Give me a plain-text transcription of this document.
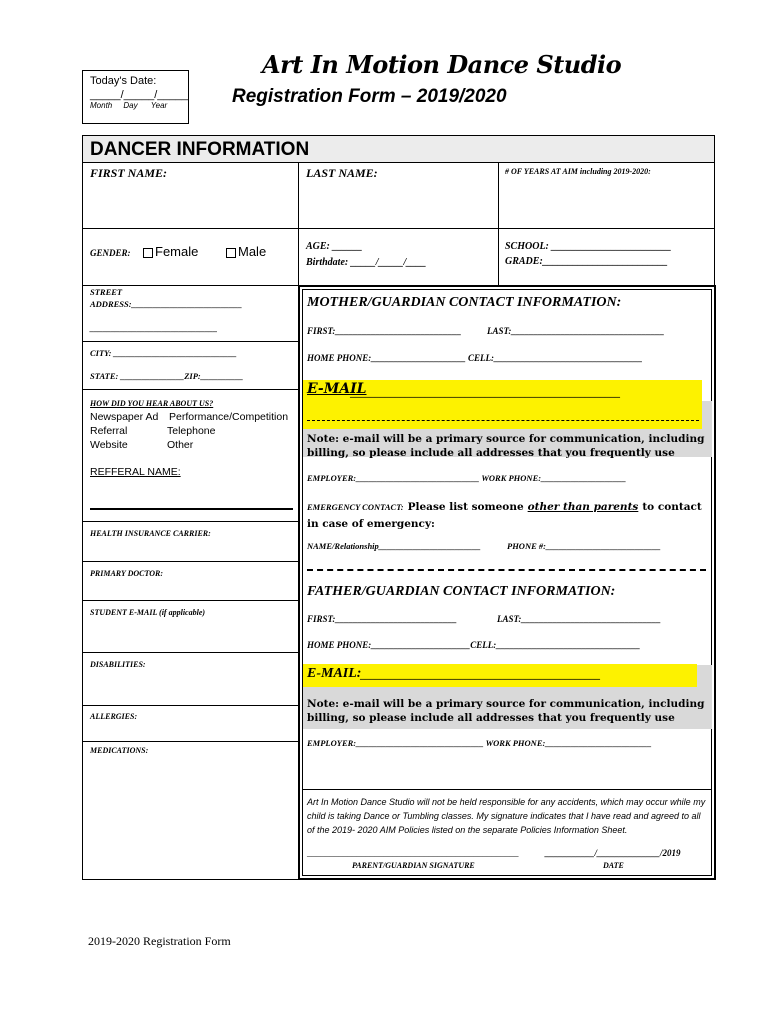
Today's Date:
_____/_____/_____
Month     Day      Year
Art In Motion Dance Studio
Registration Form – 2019/2020
DANCER INFORMATION
FIRST NAME:	LAST NAME:	# OF YEARS AT AIM including 2019-2020:
GENDER:	Female	Male	AGE: ______
Birthdate: _____/_____/____
SCHOOL: ________________________
GRADE:_________________________
STREET
ADDRESS:__________________________
______________________________
CITY: _____________________________
STATE: _______________ZIP:__________
HOW DID YOU HEAR ABOUT US?
Newspaper Ad Performance/Competition
Referral	Telephone
Website	Other
REFFERAL NAME:
HEALTH INSURANCE CARRIER:
PRIMARY DOCTOR:
STUDENT E-MAIL (if applicable)
DISABILITIES:
ALLERGIES:
MEDICATIONS:
MOTHER/GUARDIAN CONTACT INFORMATION:
FIRST:____________________________	LAST:__________________________________
HOME PHONE:_____________________ CELL:_________________________________
E-MAIL
______________________________________________________
Note: e-mail will be a primary source for communication, including billing, so please include all addresses that you frequently use
EMPLOYER:_____________________________ WORK PHONE:____________________
EMERGENCY CONTACT: Please list someone other than parents to contact in case of emergency:
NAME/Relationship________________________	PHONE #:___________________________
FATHER/GUARDIAN CONTACT INFORMATION:
FIRST:___________________________	LAST:_______________________________
HOME PHONE:______________________CELL:________________________________
E-MAIL:
________________________________________________
Note: e-mail will be a primary source for communication, including billing, so please include all addresses that you frequently use
EMPLOYER:______________________________ WORK PHONE:_________________________
Art In Motion Dance Studio will not be held responsible for any accidents, which may occur while my child is taking Dance or Tumbling classes. My signature indicates that I have read and agreed to all of the 2019- 2020 AIM Policies listed on the separate Policies Information Sheet.
_______________________________________________	___________/______________/2019
PARENT/GUARDIAN SIGNATURE	DATE
2019-2020 Registration Form
